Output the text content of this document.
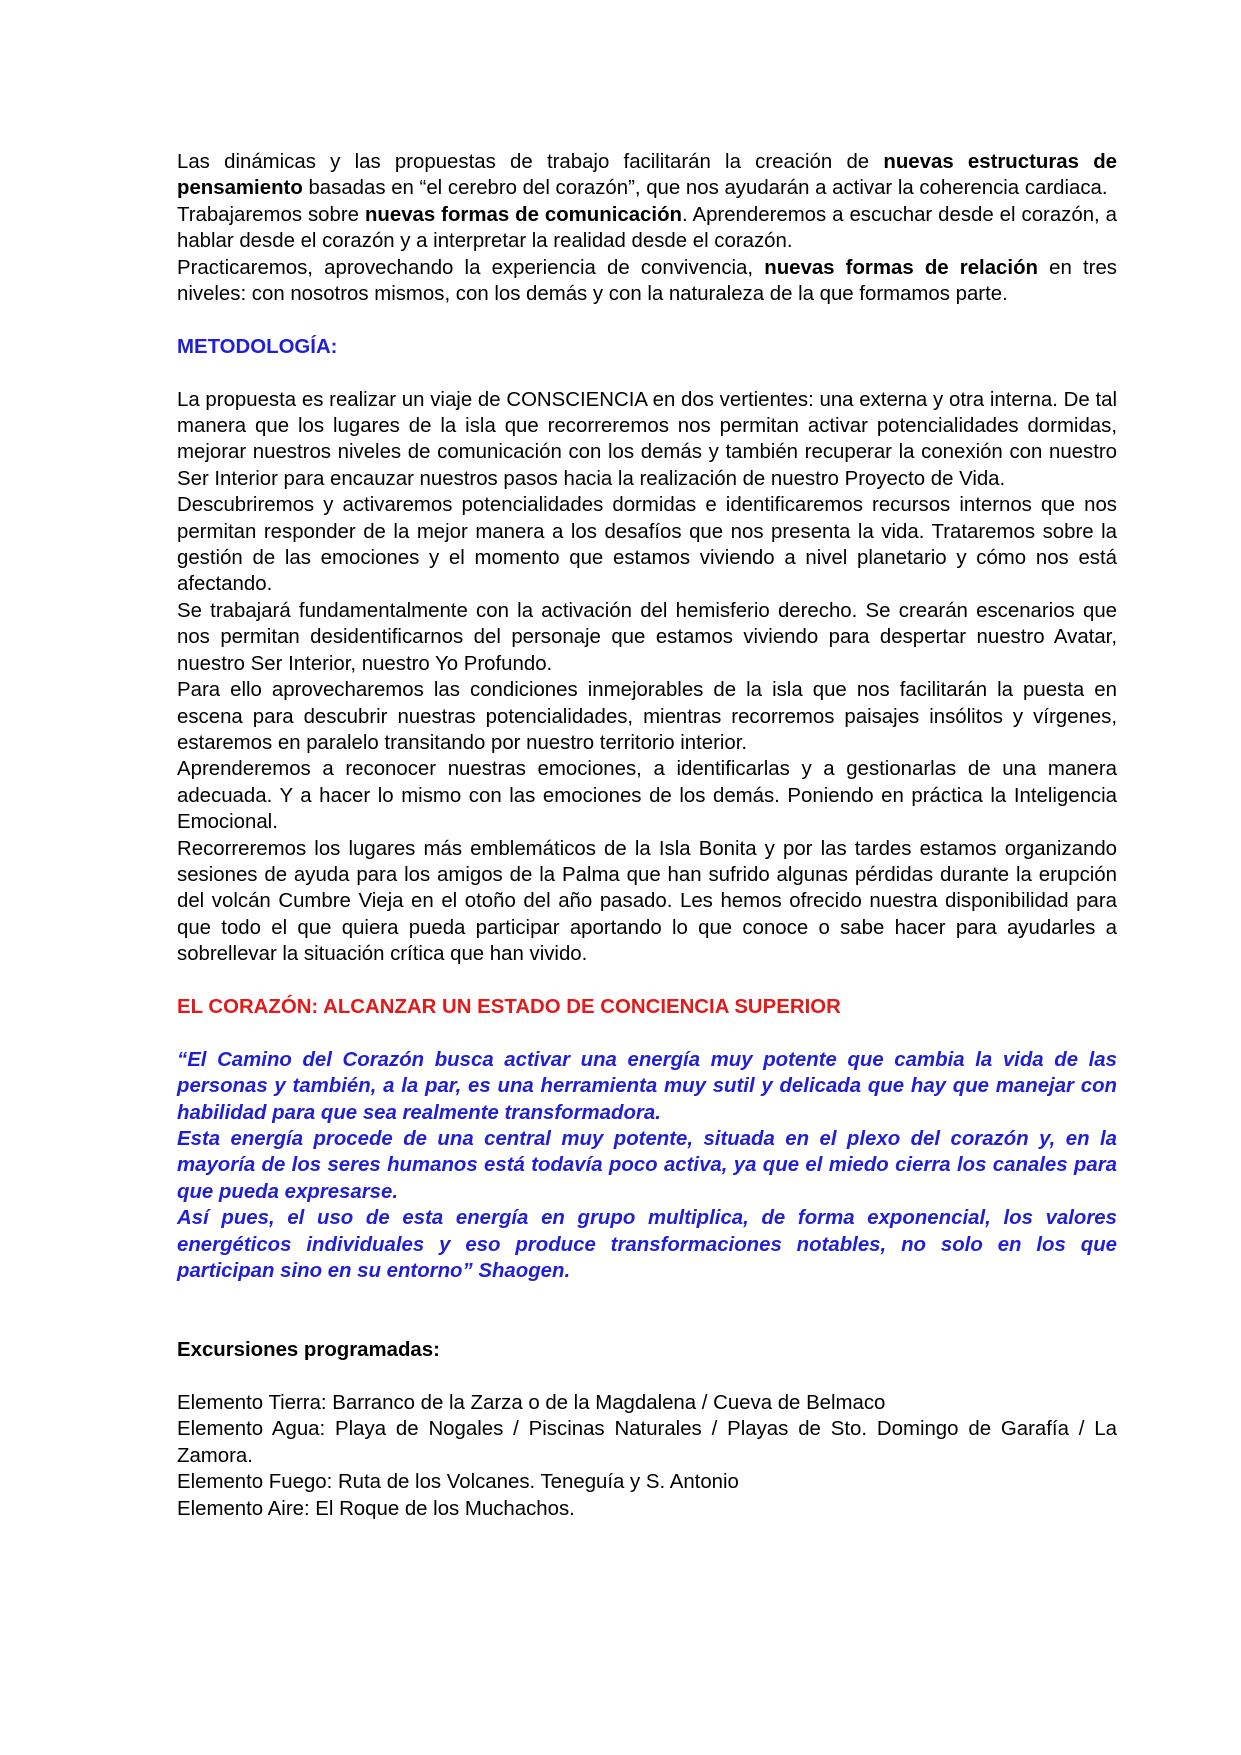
Las dinámicas y las propuestas de trabajo facilitarán la creación de nuevas estructuras de pensamiento basadas en “el cerebro del corazón”, que nos ayudarán a activar la coherencia cardiaca.

Trabajaremos sobre nuevas formas de comunicación. Aprenderemos a escuchar desde el corazón, a hablar desde el corazón y a interpretar la realidad desde el corazón.

Practicaremos, aprovechando la experiencia de convivencia, nuevas formas de relación en tres niveles: con nosotros mismos, con los demás y con la naturaleza de la que formamos parte.

METODOLOGÍA:

La propuesta es realizar un viaje de CONSCIENCIA en dos vertientes: una externa y otra interna. De tal manera que los lugares de la isla que recorreremos nos permitan activar potencialidades dormidas, mejorar nuestros niveles de comunicación con los demás y también recuperar la conexión con nuestro Ser Interior para encauzar nuestros pasos hacia la realización de nuestro Proyecto de Vida.

Descubriremos y activaremos potencialidades dormidas e identificaremos recursos internos que nos permitan responder de la mejor manera a los desafíos que nos presenta la vida. Trataremos sobre la gestión de las emociones y el momento que estamos viviendo a nivel planetario y cómo nos está afectando.

Se trabajará fundamentalmente con la activación del hemisferio derecho. Se crearán escenarios que nos permitan desidentificarnos del personaje que estamos viviendo para despertar nuestro Avatar, nuestro Ser Interior, nuestro Yo Profundo.

Para ello aprovecharemos las condiciones inmejorables de la isla que nos facilitarán la puesta en escena para descubrir nuestras potencialidades, mientras recorremos paisajes insólitos y vírgenes, estaremos en paralelo transitando por nuestro territorio interior.

Aprenderemos a reconocer nuestras emociones, a identificarlas y a gestionarlas de una manera adecuada. Y a hacer lo mismo con las emociones de los demás. Poniendo en práctica la Inteligencia Emocional.

Recorreremos los lugares más emblemáticos de la Isla Bonita y por las tardes estamos organizando sesiones de ayuda para los amigos de la Palma que han sufrido algunas pérdidas durante la erupción del volcán Cumbre Vieja en el otoño del año pasado. Les hemos ofrecido nuestra disponibilidad para que todo el que quiera pueda participar aportando lo que conoce o sabe hacer para ayudarles a sobrellevar la situación crítica que han vivido.

EL CORAZÓN: ALCANZAR UN ESTADO DE CONCIENCIA SUPERIOR

“El Camino del Corazón busca activar una energía muy potente que cambia la vida de las personas y también, a la par, es una herramienta muy sutil y delicada que hay que manejar con habilidad para que sea realmente transformadora.

Esta energía procede de una central muy potente, situada en el plexo del corazón y, en la mayoría de los seres humanos está todavía poco activa, ya que el miedo cierra los canales para que pueda expresarse.

Así pues, el uso de esta energía en grupo multiplica, de forma exponencial, los valores energéticos individuales y eso produce transformaciones notables, no solo en los que participan sino en su entorno” Shaogen.

Excursiones programadas:

Elemento Tierra: Barranco de la Zarza o de la Magdalena / Cueva de Belmaco

Elemento Agua: Playa de Nogales / Piscinas Naturales / Playas de Sto. Domingo de Garafía / La Zamora.

Elemento Fuego: Ruta de los Volcanes. Teneguía y S. Antonio

Elemento Aire: El Roque de los Muchachos.
